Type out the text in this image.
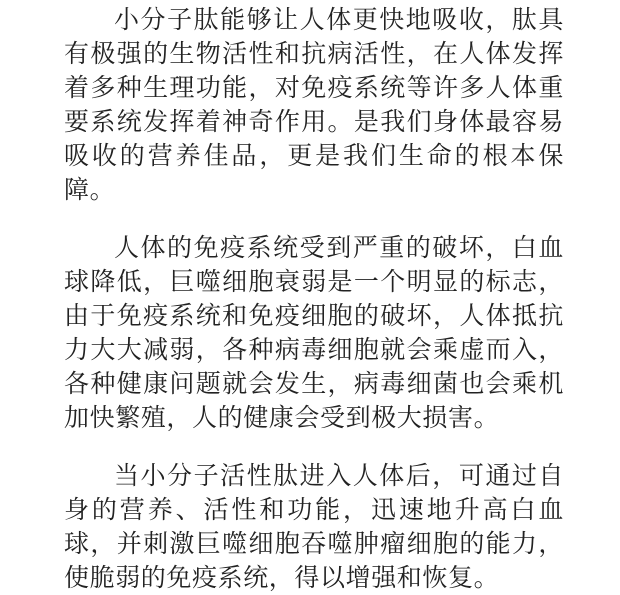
小分子肽能够让人体更快地吸收，肽具有极强的生物活性和抗病活性，在人体发挥着多种生理功能，对免疫系统等许多人体重要系统发挥着神奇作用。是我们身体最容易吸收的营养佳品，更是我们生命的根本保障。

人体的免疫系统受到严重的破坏，白血球降低，巨噬细胞衰弱是一个明显的标志，由于免疫系统和免疫细胞的破坏，人体抵抗力大大减弱，各种病毒细胞就会乘虚而入，各种健康问题就会发生，病毒细菌也会乘机加快繁殖，人的健康会受到极大损害。

当小分子活性肽进入人体后，可通过自身的营养、活性和功能，迅速地升高白血球，并刺激巨噬细胞吞噬肿瘤细胞的能力，使脆弱的免疫系统，得以增强和恢复。
